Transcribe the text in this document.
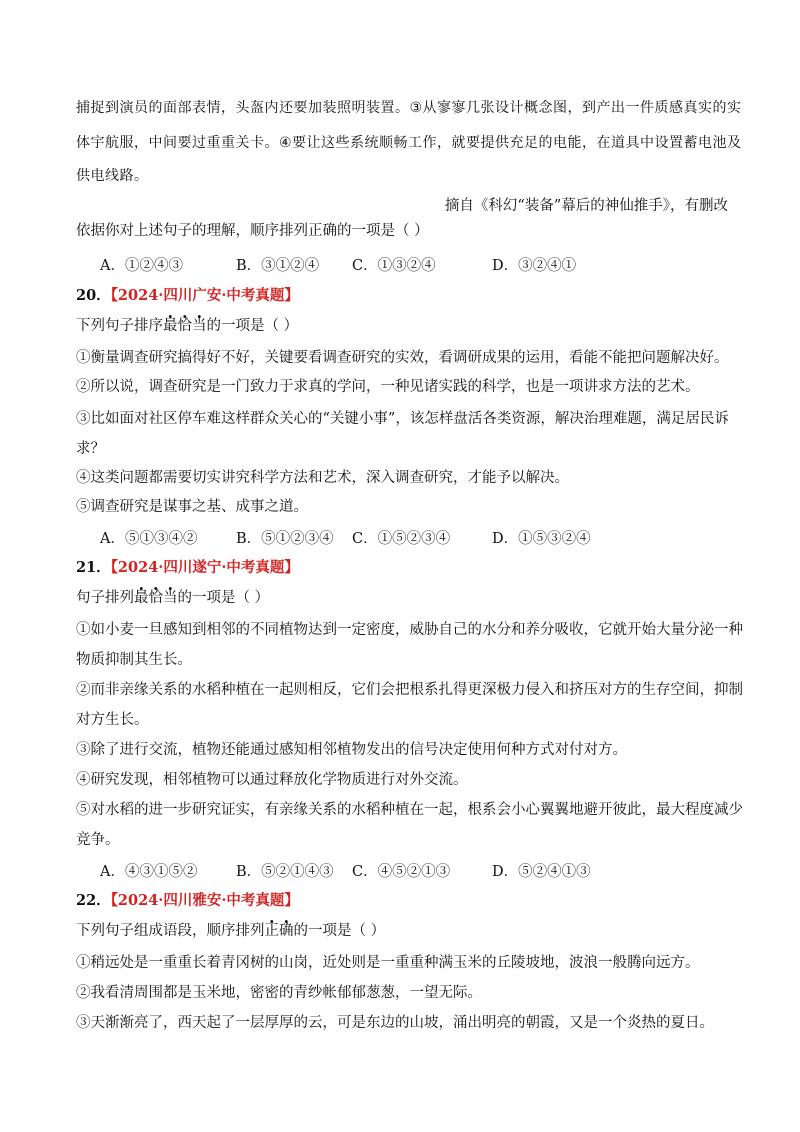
捕捉到演员的面部表情，头盔内还要加装照明装置。③从寥寥几张设计概念图，到产出一件质感真实的实
体宇航服，中间要过重重关卡。④要让这些系统顺畅工作，就要提供充足的电能，在道具中设置蓄电池及
供电线路。
摘自《科幻“装备”幕后的神仙推手》，有删改
依据你对上述句子的理解，顺序排列正确的一项是（ ）
A．①②④③	B．③①②④ C．①③②④	D．③②④①
20．【2024·四川广安·中考真题】
下列句子排序最恰当的一项是（ ）
①衡量调查研究搞得好不好，关键要看调查研究的实效，看调研成果的运用，看能不能把问题解决好。
②所以说，调查研究是一门致力于求真的学问，一种见诸实践的科学，也是一项讲求方法的艺术。
③比如面对社区停车难这样群众关心的“关键小事”，该怎样盘活各类资源，解决治理难题，满足居民诉
求？
④这类问题都需要切实讲究科学方法和艺术，深入调查研究，才能予以解决。
⑤调查研究是谋事之基、成事之道。
A．⑤①③④②	B．⑤①②③④ C．①⑤②③④	D．①⑤③②④
21．【2024·四川遂宁·中考真题】
句子排列最恰当的一项是（ ）
①如小麦一旦感知到相邻的不同植物达到一定密度，威胁自己的水分和养分吸收，它就开始大量分泌一种
物质抑制其生长。
②而非亲缘关系的水稻种植在一起则相反，它们会把根系扎得更深极力侵入和挤压对方的生存空间，抑制
对方生长。
③除了进行交流，植物还能通过感知相邻植物发出的信号决定使用何种方式对付对方。
④研究发现，相邻植物可以通过释放化学物质进行对外交流。
⑤对水稻的进一步研究证实，有亲缘关系的水稻种植在一起，根系会小心翼翼地避开彼此，最大程度减少
竞争。
A．④③①⑤②	B．⑤②①④③ C．④⑤②①③	D．⑤②④①③
22．【2024·四川雅安·中考真题】
下列句子组成语段，顺序排列正确的一项是（ ）
①稍远处是一重重长着青冈树的山岗，近处则是一重重种满玉米的丘陵坡地，波浪一般腾向远方。
②我看清周围都是玉米地，密密的青纱帐郁郁葱葱，一望无际。
③天渐渐亮了，西天起了一层厚厚的云，可是东边的山坡，涌出明亮的朝霞，又是一个炎热的夏日。
